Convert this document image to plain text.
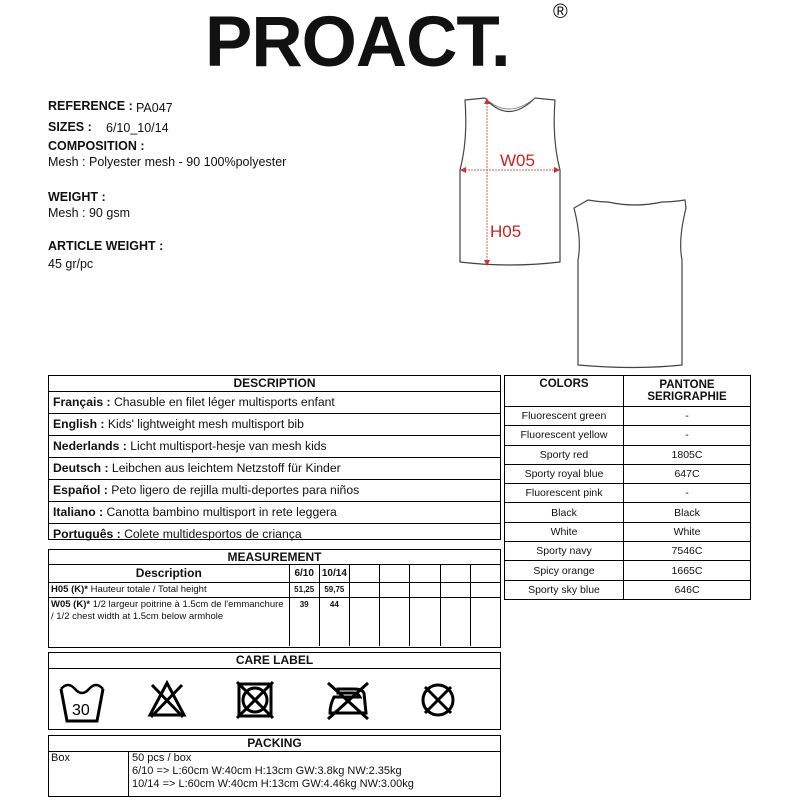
PROACT. ®
REFERENCE : PA047
SIZES : 6/10_10/14
COMPOSITION :
Mesh : Polyester mesh - 90 100%polyester
WEIGHT :
Mesh : 90 gsm
ARTICLE WEIGHT :
45 gr/pc
W05
H05
DESCRIPTION
Français : Chasuble en filet léger multisports enfant
English : Kids' lightweight mesh multisport bib
Nederlands : Licht multisport-hesje van mesh kids
Deutsch : Leibchen aus leichtem Netzstoff für Kinder
Español : Peto ligero de rejilla multi-deportes para niños
Italiano : Canotta bambino multisport in rete leggera
Português : Colete multidesportos de criança
COLORS	PANTONE
SERIGRAPHIE

Fluorescent green	-
Fluorescent yellow	-
Sporty red	1805C
Sporty royal blue	647C
Fluorescent pink	-
Black	Black
White	White
Sporty navy	7546C
Spicy orange	1665C
Sporty sky blue	646C
MEASUREMENT
Description	6/10	10/14					
H05 (K)* Hauteur totale / Total height	51,25	59,75					
W05 (K)* 1/2 largeur poitrine à 1.5cm de l'emmanchure / 1/2 chest width at 1.5cm below armhole	39	44					
CARE LABEL
30
PACKING
Box	50 pcs / box
6/10 => L:60cm W:40cm H:13cm GW:3.8kg NW:2.35kg
10/14 => L:60cm W:40cm H:13cm GW:4.46kg NW:3.00kg
